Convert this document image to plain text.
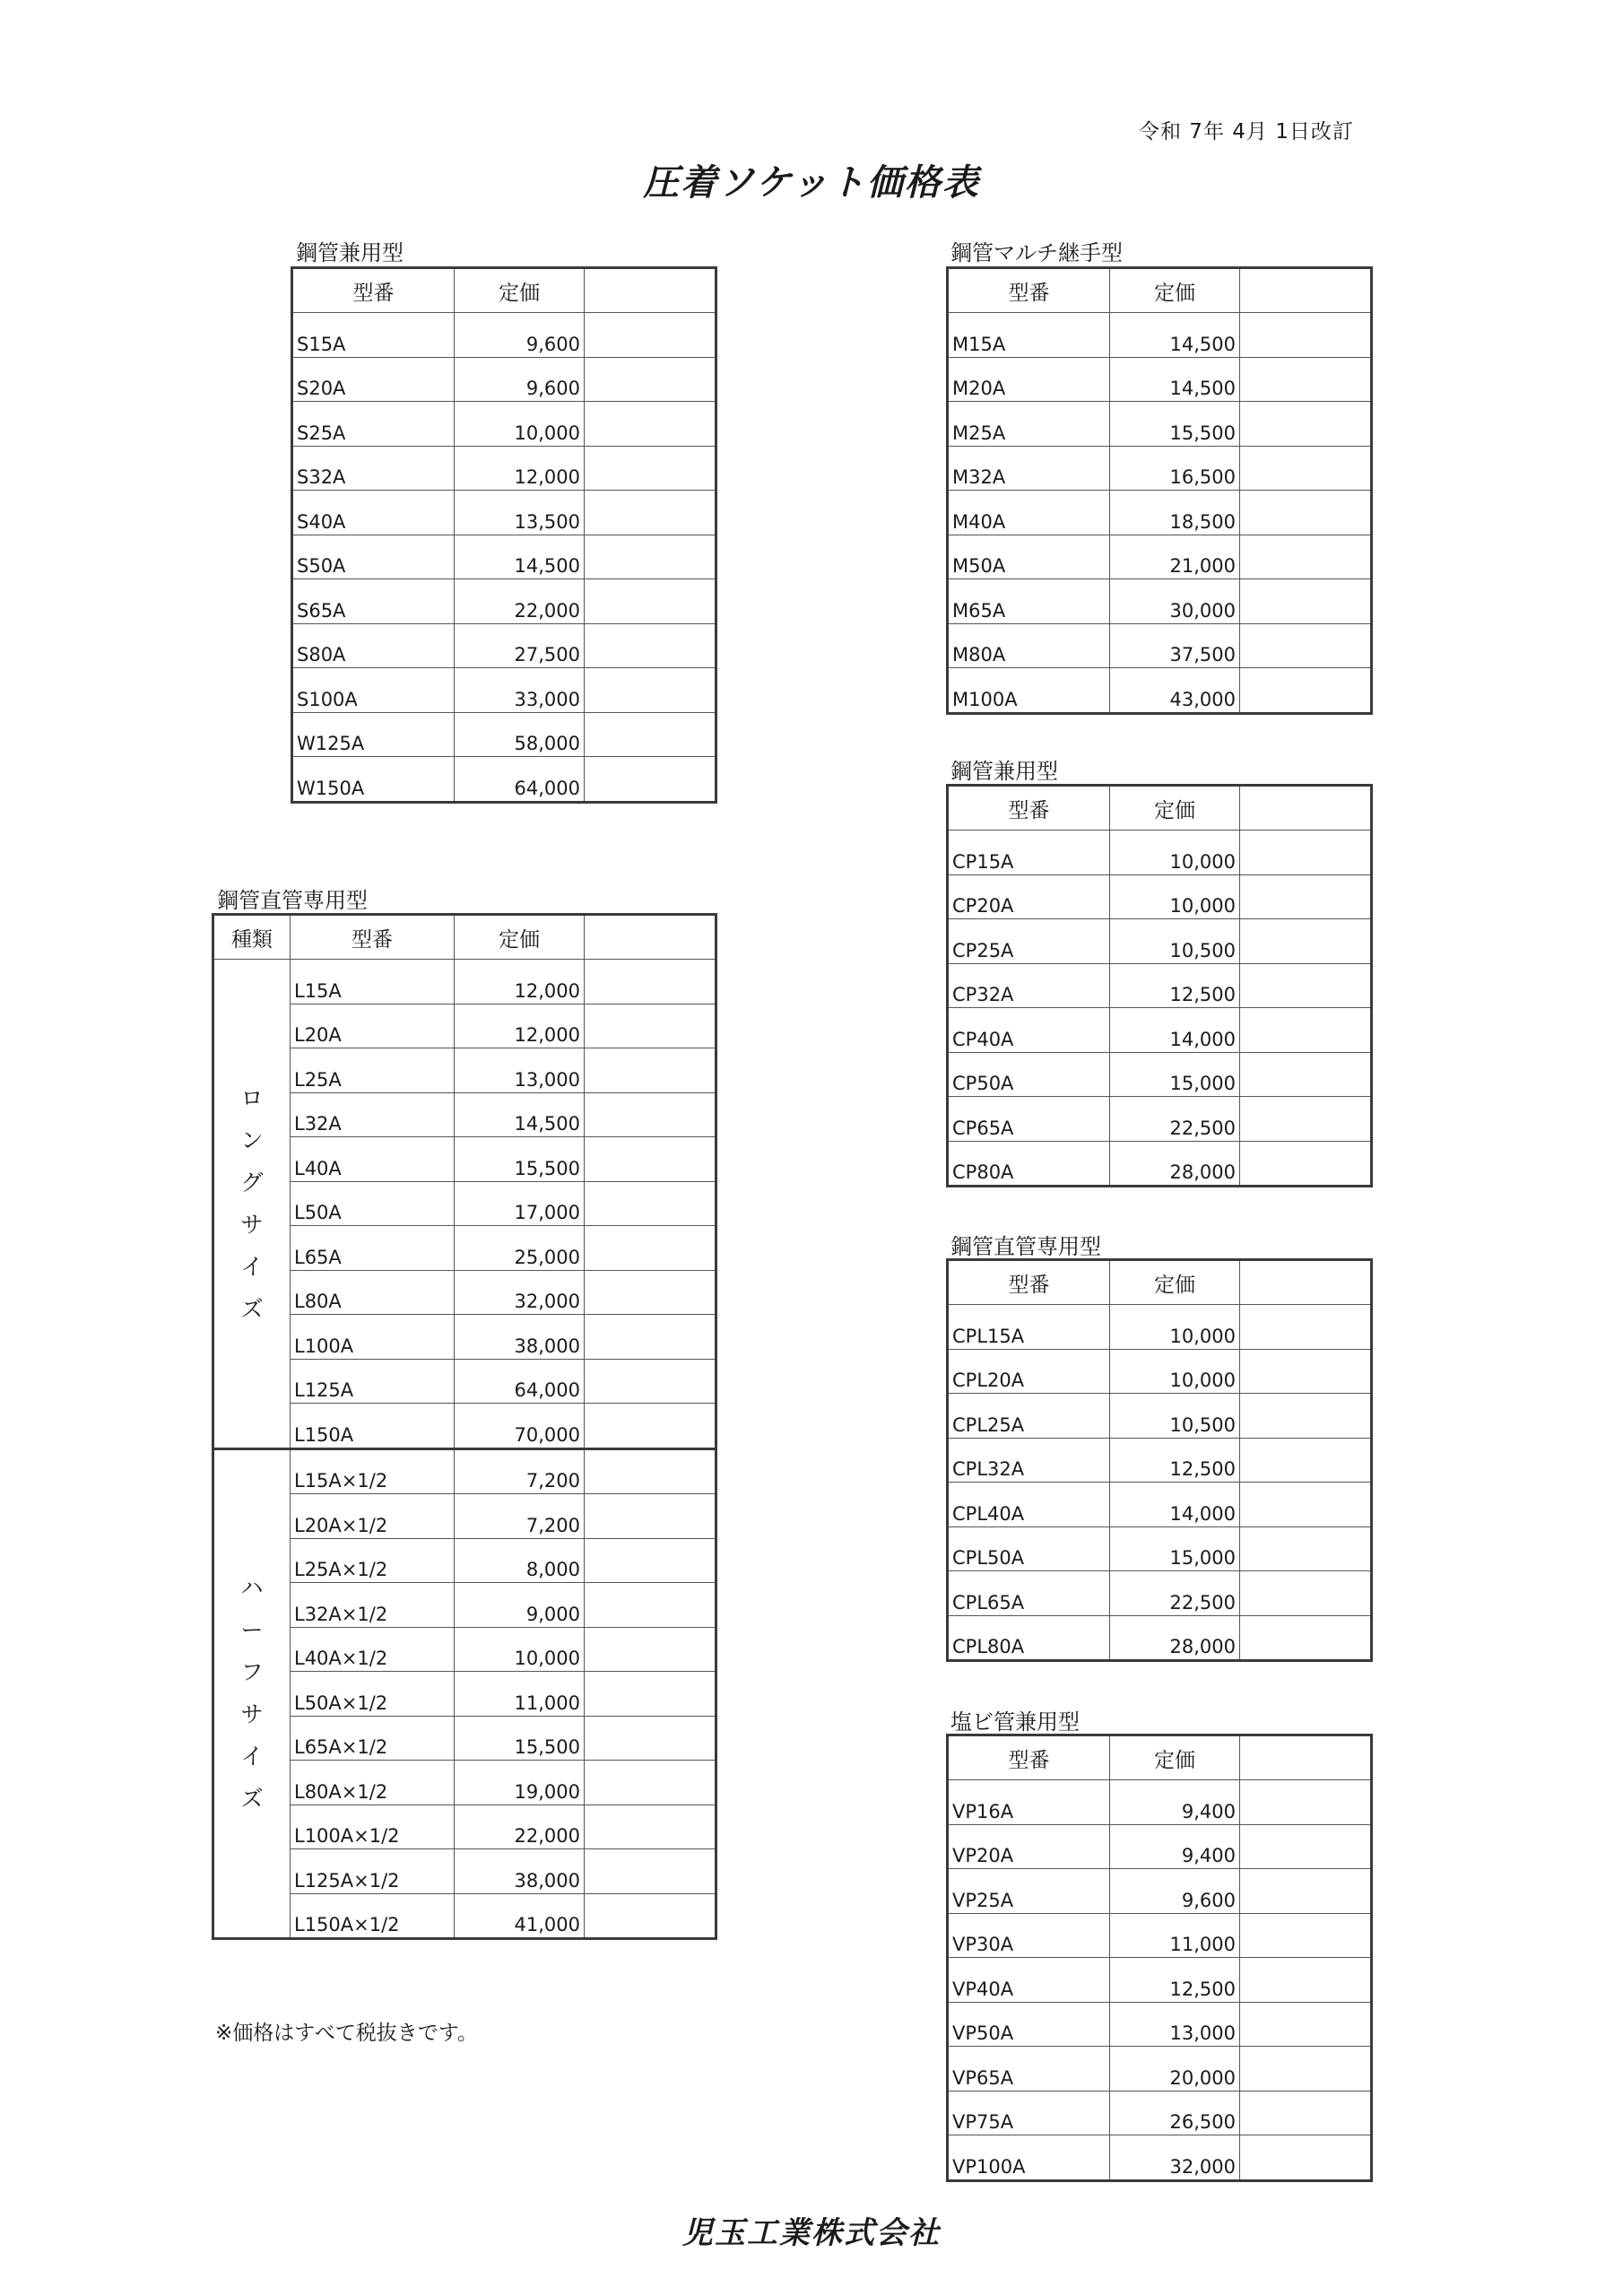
令和 7年 4月 1日改訂
圧着ソケット価格表
鋼管兼用型
型番	定価	
S15A	9,600	
S20A	9,600	
S25A	10,000	
S32A	12,000	
S40A	13,500	
S50A	14,500	
S65A	22,000	
S80A	27,500	
S100A	33,000	
W125A	58,000	
W150A	64,000	
鋼管直管専用型
種類	型番	定価	
ロングサイズ	L15A	12,000	
	L20A	12,000	
	L25A	13,000	
	L32A	14,500	
	L40A	15,500	
	L50A	17,000	
	L65A	25,000	
	L80A	32,000	
	L100A	38,000	
	L125A	64,000	
	L150A	70,000	
ハーフサイズ	L15A×1/2	7,200	
	L20A×1/2	7,200	
	L25A×1/2	8,000	
	L32A×1/2	9,000	
	L40A×1/2	10,000	
	L50A×1/2	11,000	
	L65A×1/2	15,500	
	L80A×1/2	19,000	
	L100A×1/2	22,000	
	L125A×1/2	38,000	
	L150A×1/2	41,000	
鋼管マルチ継手型
型番	定価	
M15A	14,500	
M20A	14,500	
M25A	15,500	
M32A	16,500	
M40A	18,500	
M50A	21,000	
M65A	30,000	
M80A	37,500	
M100A	43,000	
鋼管兼用型
型番	定価	
CP15A	10,000	
CP20A	10,000	
CP25A	10,500	
CP32A	12,500	
CP40A	14,000	
CP50A	15,000	
CP65A	22,500	
CP80A	28,000	
鋼管直管専用型
型番	定価	
CPL15A	10,000	
CPL20A	10,000	
CPL25A	10,500	
CPL32A	12,500	
CPL40A	14,000	
CPL50A	15,000	
CPL65A	22,500	
CPL80A	28,000	
塩ビ管兼用型
型番	定価	
VP16A	9,400	
VP20A	9,400	
VP25A	9,600	
VP30A	11,000	
VP40A	12,500	
VP50A	13,000	
VP65A	20,000	
VP75A	26,500	
VP100A	32,000	
※価格はすべて税抜きです。
児玉工業株式会社
